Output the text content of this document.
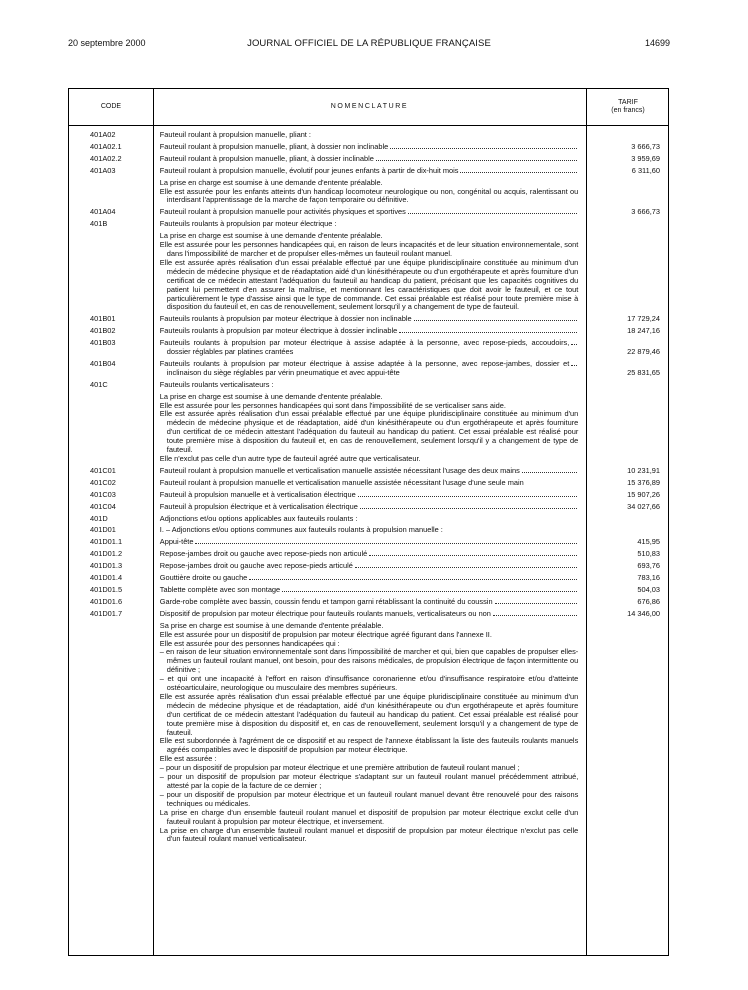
20 septembre 2000	JOURNAL OFFICIEL DE LA RÉPUBLIQUE FRANÇAISE	14699
CODE	NOMENCLATURE
TARIF
(en francs)
401A02	Fauteuil roulant à propulsion manuelle, pliant :
401A02.1	Fauteuil roulant à propulsion manuelle, pliant, à dossier non inclinable	3 666,73
401A02.2	Fauteuil roulant à propulsion manuelle, pliant, à dossier inclinable	3 959,69
401A03	Fauteuil roulant à propulsion manuelle, évolutif pour jeunes enfants à partir de dix-huit mois	6 311,60
La prise en charge est soumise à une demande d'entente préalable.
Elle est assurée pour les enfants atteints d'un handicap locomoteur neurologique ou non, congénital ou acquis, ralentissant ou interdisant l'apprentissage de la marche de façon temporaire ou définitive.
401A04	Fauteuil roulant à propulsion manuelle pour activités physiques et sportives	3 666,73
401B	Fauteuils roulants à propulsion par moteur électrique :
La prise en charge est soumise à une demande d'entente préalable.
Elle est assurée pour les personnes handicapées qui, en raison de leurs incapacités et de leur situation environnementale, sont dans l'impossibilité de marcher et de propulser elles-mêmes un fauteuil roulant manuel.
Elle est assurée après réalisation d'un essai préalable effectué par une équipe pluridisciplinaire constituée au minimum d'un médecin de médecine physique et de réadaptation aidé d'un kinésithérapeute ou d'un ergothérapeute et après fourniture d'un certificat de ce médecin attestant l'adéquation du fauteuil au handicap du patient, précisant que les capacités cognitives du patient lui permettent d'en assurer la maîtrise, et mentionnant les caractéristiques que doit avoir le fauteuil, et ce tout particulièrement le type d'assise ainsi que le type de commande. Cet essai préalable est réalisé pour toute première mise à disposition du fauteuil et, en cas de renouvellement, seulement lorsqu'il y a changement de type de fauteuil.
401B01	Fauteuils roulants à propulsion par moteur électrique à dossier non inclinable	17 729,24
401B02	Fauteuils roulants à propulsion par moteur électrique à dossier inclinable	18 247,16
401B03	Fauteuils roulants à propulsion par moteur électrique à assise adaptée à la personne, avec repose-pieds, accoudoirs, dossier réglables par platines crantées	22 879,46
401B04	Fauteuils roulants à propulsion par moteur électrique à assise adaptée à la personne, avec repose-jambes, dossier et inclinaison du siège réglables par vérin pneumatique et avec appui-tête	25 831,65
401C	Fauteuils roulants verticalisateurs :
La prise en charge est soumise à une demande d'entente préalable.
Elle est assurée pour les personnes handicapées qui sont dans l'impossibilité de se verticaliser sans aide.
Elle est assurée après réalisation d'un essai préalable effectué par une équipe pluridisciplinaire constituée au minimum d'un médecin de médecine physique et de réadaptation, aidé d'un kinésithérapeute ou d'un ergothérapeute et après fourniture d'un certificat de ce médecin attestant l'adéquation du fauteuil au handicap du patient. Cet essai préalable est réalisé pour toute première mise à disposition du fauteuil et, en cas de renouvellement, seulement lorsqu'il y a changement de type de fauteuil.
Elle n'exclut pas celle d'un autre type de fauteuil agréé autre que verticalisateur.
401C01	Fauteuil roulant à propulsion manuelle et verticalisation manuelle assistée nécessitant l'usage des deux mains	10 231,91
401C02	Fauteuil roulant à propulsion manuelle et verticalisation manuelle assistée nécessitant l'usage d'une seule main	15 376,89
401C03	Fauteuil à propulsion manuelle et à verticalisation électrique	15 907,26
401C04	Fauteuil à propulsion électrique et à verticalisation électrique	34 027,66
401D	Adjonctions et/ou options applicables aux fauteuils roulants :
401D01	I. – Adjonctions et/ou options communes aux fauteuils roulants à propulsion manuelle :
401D01.1	Appui-tête	415,95
401D01.2	Repose-jambes droit ou gauche avec repose-pieds non articulé	510,83
401D01.3	Repose-jambes droit ou gauche avec repose-pieds articulé	693,76
401D01.4	Gouttière droite ou gauche	783,16
401D01.5	Tablette complète avec son montage	504,03
401D01.6	Garde-robe complète avec bassin, coussin fendu et tampon garni rétablissant la continuité du coussin	676,86
401D01.7	Dispositif de propulsion par moteur électrique pour fauteuils roulants manuels, verticalisateurs ou non	14 346,00
Sa prise en charge est soumise à une demande d'entente préalable.
Elle est assurée pour un dispositif de propulsion par moteur électrique agréé figurant dans l'annexe II.
Elle est assurée pour des personnes handicapées qui :
– en raison de leur situation environnementale sont dans l'impossibilité de marcher et qui, bien que capables de propulser elles-mêmes un fauteuil roulant manuel, ont besoin, pour des raisons médicales, de propulsion électrique de façon intermittente ou définitive ;
– et qui ont une incapacité à l'effort en raison d'insuffisance coronarienne et/ou d'insuffisance respiratoire et/ou d'atteinte ostéoarticulaire, neurologique ou musculaire des membres supérieurs.
Elle est assurée après réalisation d'un essai préalable effectué par une équipe pluridisciplinaire constituée au minimum d'un médecin de médecine physique et de réadaptation, aidé d'un kinésithérapeute ou d'un ergothérapeute et après fourniture d'un certificat de ce médecin attestant l'adéquation du fauteuil au handicap du patient. Cet essai préalable est réalisé pour toute première mise à disposition du dispositif et, en cas de renouvellement, seulement lorsqu'il y a changement de type de fauteuil.
Elle est subordonnée à l'agrément de ce dispositif et au respect de l'annexe établissant la liste des fauteuils roulants manuels agréés compatibles avec le dispositif de propulsion par moteur électrique.
Elle est assurée :
– pour un dispositif de propulsion par moteur électrique et une première attribution de fauteuil roulant manuel ;
– pour un dispositif de propulsion par moteur électrique s'adaptant sur un fauteuil roulant manuel précédemment attribué, attesté par la copie de la facture de ce dernier ;
– pour un dispositif de propulsion par moteur électrique et un fauteuil roulant manuel devant être renouvelé pour des raisons techniques ou médicales.
La prise en charge d'un ensemble fauteuil roulant manuel et dispositif de propulsion par moteur électrique exclut celle d'un fauteuil roulant à propulsion par moteur électrique, et inversement.
La prise en charge d'un ensemble fauteuil roulant manuel et dispositif de propulsion par moteur électrique n'exclut pas celle d'un fauteuil roulant manuel verticalisateur.
